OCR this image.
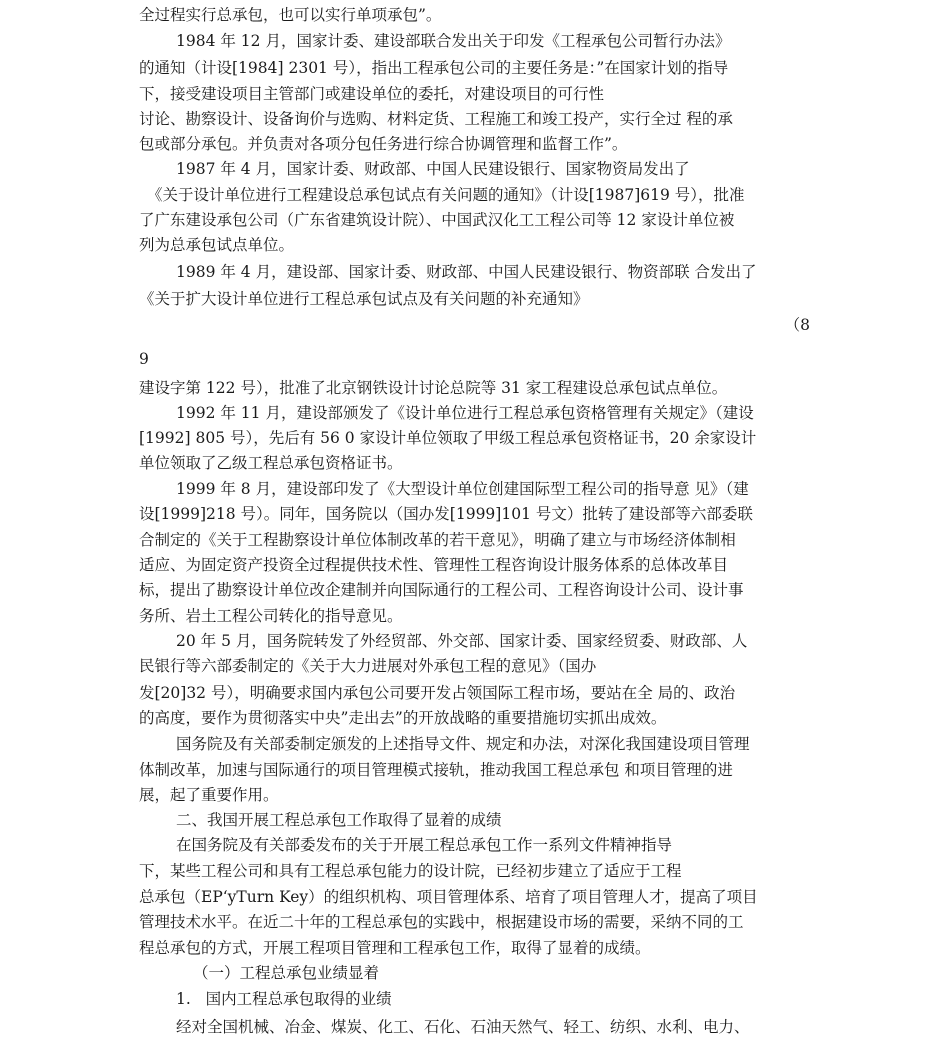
全过程实行总承包，也可以实行单项承包”。
1984 年 12 月，国家计委、建设部联合发出关于印发《工程承包公司暂行办法》
的通知（计设[1984] 2301 号），指出工程承包公司的主要任务是：”在国家计划的指导
下，接受建设项目主管部门或建设单位的委托，对建设项目的可行性
讨论、勘察设计、设备询价与选购、材料定货、工程施工和竣工投产，实行全过 程的承
包或部分承包。并负责对各项分包任务进行综合协调管理和监督工作”。
1987 年 4 月，国家计委、财政部、中国人民建设银行、国家物资局发出了
《关于设计单位进行工程建设总承包试点有关问题的通知》（计设[1987]619 号），批准
了广东建设承包公司（广东省建筑设计院）、中国武汉化工工程公司等 12 家设计单位被
列为总承包试点单位。
1989 年 4 月，建设部、国家计委、财政部、中国人民建设银行、物资部联 合发出了
《关于扩大设计单位进行工程总承包试点及有关问题的补充通知》
（8
9
建设字第 122 号），批准了北京钢铁设计讨论总院等 31 家工程建设总承包试点单位。
1992 年 11 月，建设部颁发了《设计单位进行工程总承包资格管理有关规定》（建设
[1992] 805 号），先后有 56 0 家设计单位领取了甲级工程总承包资格证书，20 余家设计
单位领取了乙级工程总承包资格证书。
1999 年 8 月，建设部印发了《大型设计单位创建国际型工程公司的指导意 见》（建
设[1999]218 号）。同年，国务院以（国办发[1999]101 号文）批转了建设部等六部委联
合制定的《关于工程勘察设计单位体制改革的若干意见》，明确了建立与市场经济体制相
适应、为固定资产投资全过程提供技术性、管理性工程咨询设计服务体系的总体改革目
标，提出了勘察设计单位改企建制并向国际通行的工程公司、工程咨询设计公司、设计事
务所、岩土工程公司转化的指导意见。
20 年 5 月，国务院转发了外经贸部、外交部、国家计委、国家经贸委、财政部、人
民银行等六部委制定的《关于大力进展对外承包工程的意见》（国办
发[20]32 号），明确要求国内承包公司要开发占领国际工程市场，要站在全 局的、政治
的高度，要作为贯彻落实中央”走出去”的开放战略的重要措施切实抓出成效。
国务院及有关部委制定颁发的上述指导文件、规定和办法，对深化我国建设项目管理
体制改革，加速与国际通行的项目管理模式接轨，推动我国工程总承包 和项目管理的进
展，起了重要作用。
二、我国开展工程总承包工作取得了显着的成绩
在国务院及有关部委发布的关于开展工程总承包工作一系列文件精神指导
下，某些工程公司和具有工程总承包能力的设计院，已经初步建立了适应于工程
总承包（EP‘yTurn Key）的组织机构、项目管理体系、培育了项目管理人才，提高了项目
管理技术水平。在近二十年的工程总承包的实践中，根据建设市场的需要，采纳不同的工
程总承包的方式，开展工程项目管理和工程承包工作，取得了显着的成绩。
（一）工程总承包业绩显着
1.   国内工程总承包取得的业绩
经对全国机械、冶金、煤炭、化工、石化、石油天然气、轻工、纺织、水利、电力、
